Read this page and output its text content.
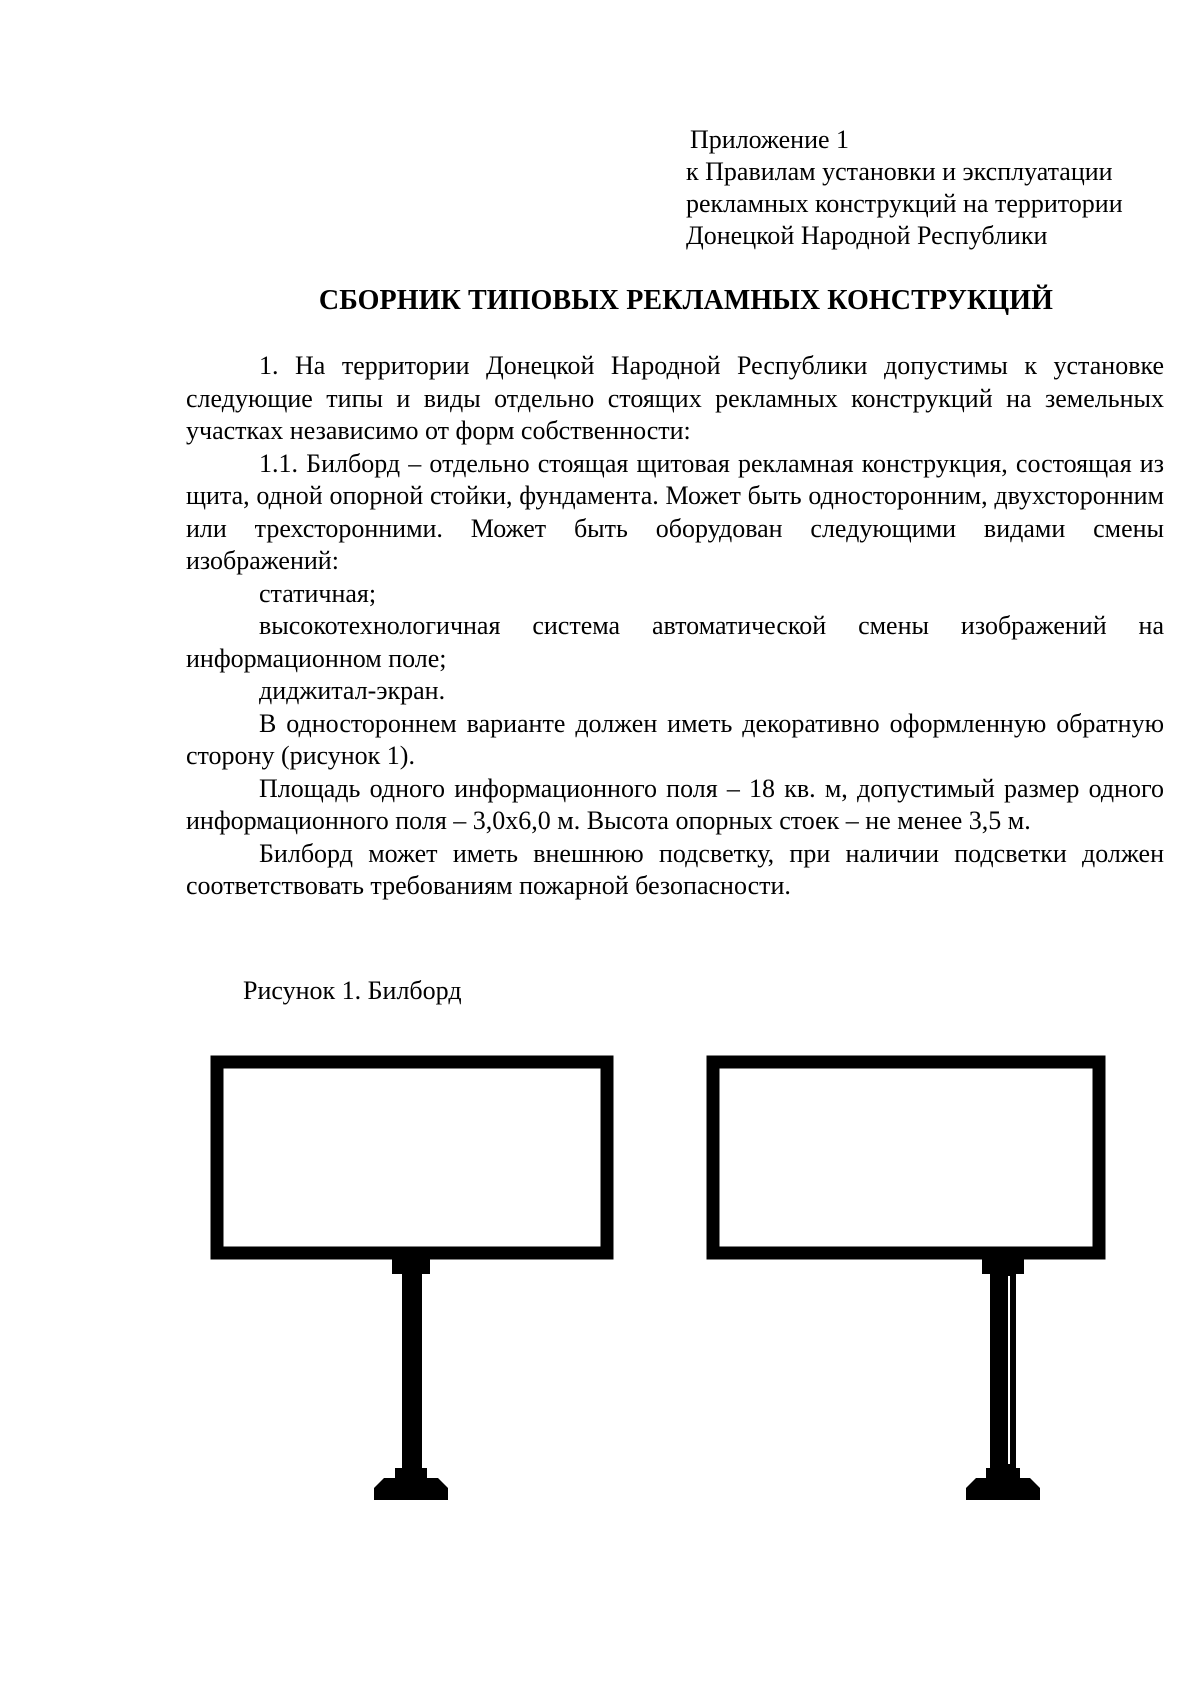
Приложение 1
к Правилам установки и эксплуатации
рекламных конструкций на территории
Донецкой Народной Республики
СБОРНИК ТИПОВЫХ РЕКЛАМНЫХ КОНСТРУКЦИЙ

1. На территории Донецкой Народной Республики допустимы к установке следующие типы и виды отдельно стоящих рекламных конструкций на земельных участках независимо от форм собственности:

1.1. Билборд – отдельно стоящая щитовая рекламная конструкция, состоящая из щита, одной опорной стойки, фундамента. Может быть односторонним, двухсторонним или трехсторонними. Может быть оборудован следующими видами смены изображений:

статичная;

высокотехнологичная система автоматической смены изображений на информационном поле;

диджитал-экран.

В одностороннем варианте должен иметь декоративно оформленную обратную сторону (рисунок 1).

Площадь одного информационного поля – 18 кв. м, допустимый размер одного информационного поля – 3,0х6,0 м. Высота опорных стоек – не менее 3,5 м.

Билборд может иметь внешнюю подсветку, при наличии подсветки должен соответствовать требованиям пожарной безопасности.

Рисунок 1. Билборд
